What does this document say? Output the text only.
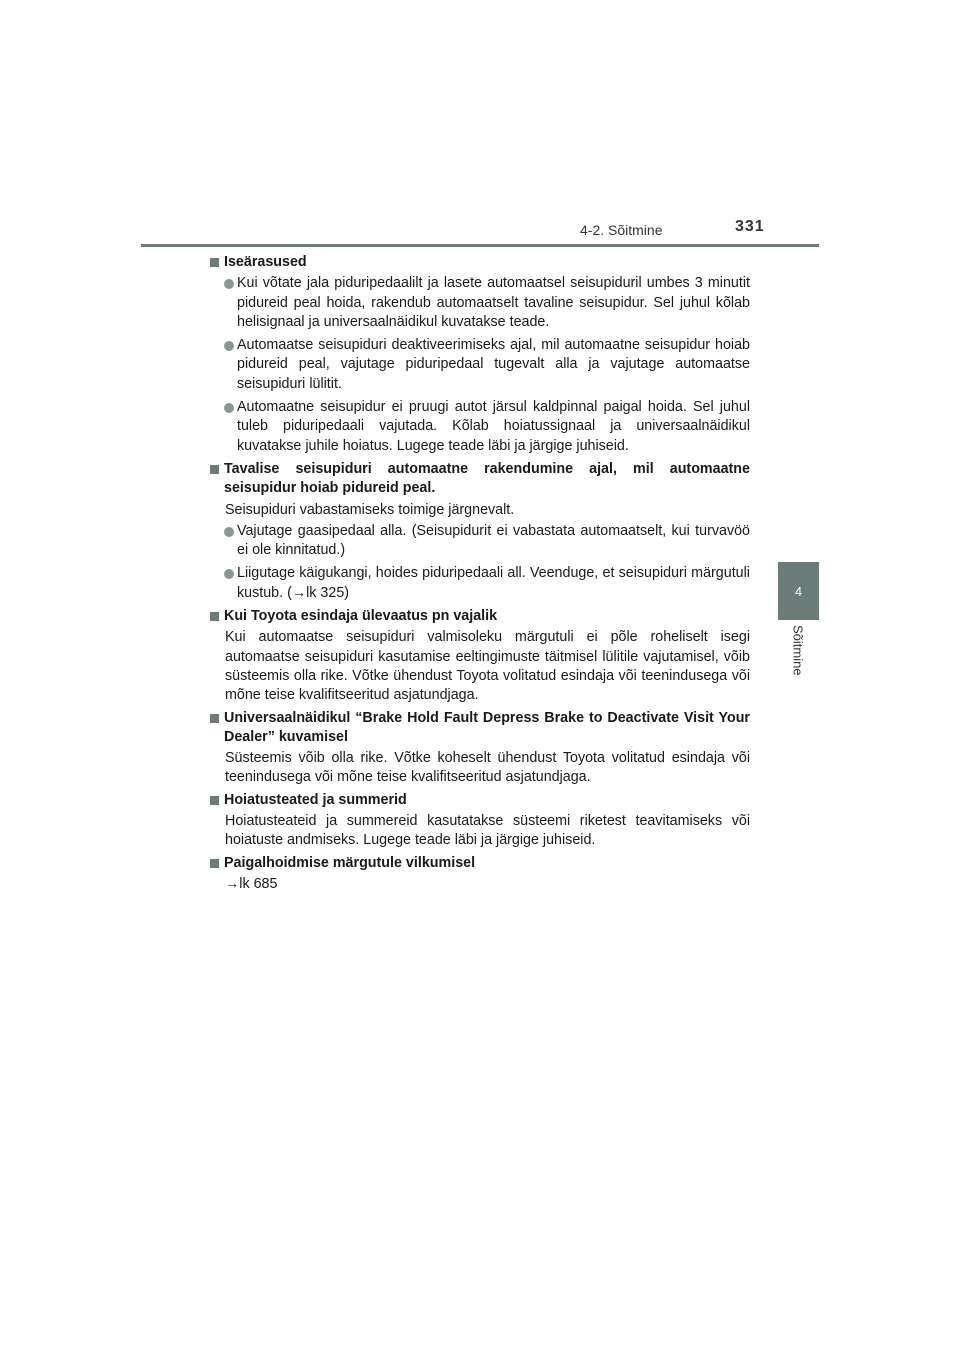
4-2. Sõitmine	331
4
Sõitmine
Iseärasused
Kui võtate jala piduripedaalilt ja lasete automaatsel seisupiduril umbes 3 minutit pidureid peal hoida, rakendub automaatselt tavaline seisupidur. Sel juhul kõlab helisignaal ja universaalnäidikul kuvatakse teade.
Automaatse seisupiduri deaktiveerimiseks ajal, mil automaatne seisupidur hoiab pidureid peal, vajutage piduripedaal tugevalt alla ja vajutage automaatse seisupiduri lülitit.
Automaatne seisupidur ei pruugi autot järsul kaldpinnal paigal hoida. Sel juhul tuleb piduripedaali vajutada. Kõlab hoiatussignaal ja universaalnäidikul kuvatakse juhile hoiatus. Lugege teade läbi ja järgige juhiseid.
Tavalise seisupiduri automaatne rakendumine ajal, mil automaatne seisupidur hoiab pidureid peal.
Seisupiduri vabastamiseks toimige järgnevalt.
Vajutage gaasipedaal alla. (Seisupidurit ei vabastata automaatselt, kui turvavöö ei ole kinnitatud.)
Liigutage käigukangi, hoides piduripedaali all. Veenduge, et seisupiduri märgutuli kustub. (→lk 325)
Kui Toyota esindaja ülevaatus pn vajalik
Kui automaatse seisupiduri valmisoleku märgutuli ei põle roheliselt isegi automaatse seisupiduri kasutamise eeltingimuste täitmisel lülitile vajutamisel, võib süsteemis olla rike. Võtke ühendust Toyota volitatud esindaja või teenindusega või mõne teise kvalifitseeritud asjatundjaga.
Universaalnäidikul “Brake Hold Fault Depress Brake to Deactivate Visit Your Dealer” kuvamisel
Süsteemis võib olla rike. Võtke koheselt ühendust Toyota volitatud esindaja või teenindusega või mõne teise kvalifitseeritud asjatundjaga.
Hoiatusteated ja summerid
Hoiatusteateid ja summereid kasutatakse süsteemi riketest teavitamiseks või hoiatuste andmiseks. Lugege teade läbi ja järgige juhiseid.
Paigalhoidmise märgutule vilkumisel
→lk 685
